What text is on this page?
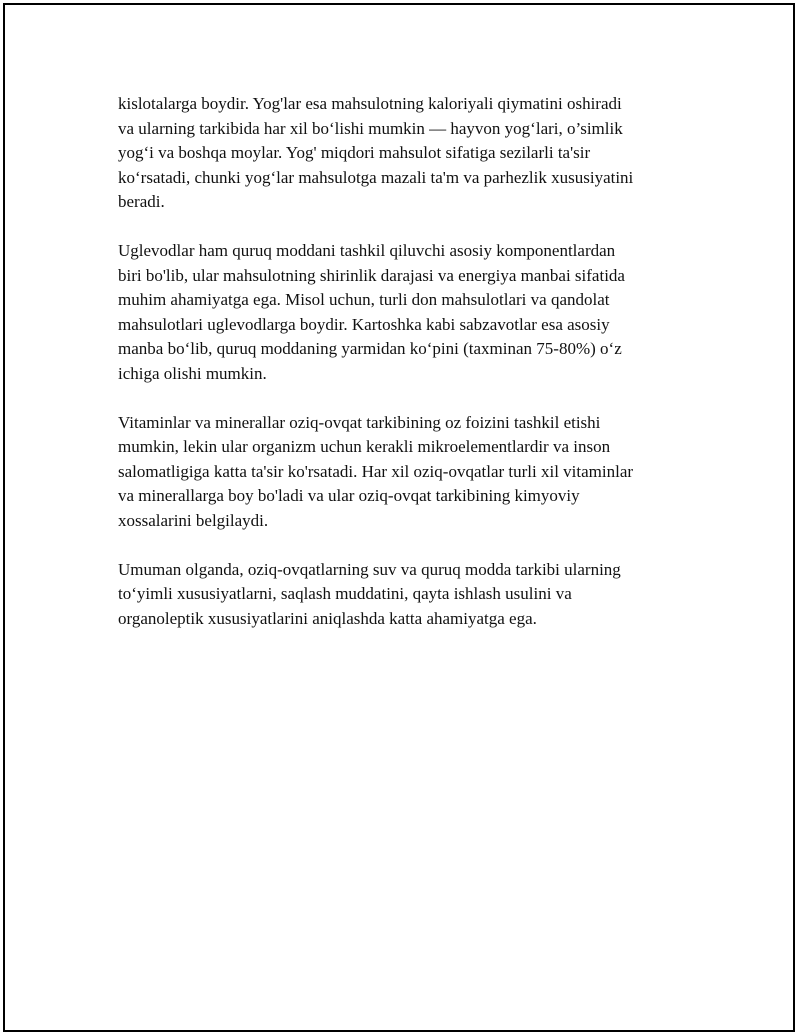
kislotalarga boydir. Yog'lar esa mahsulotning kaloriyali qiymatini oshiradi
va ularning tarkibida har xil bo‘lishi mumkin — hayvon yog‘lari, o’simlik
yog‘i va boshqa moylar. Yog' miqdori mahsulot sifatiga sezilarli ta'sir
ko‘rsatadi, chunki yog‘lar mahsulotga mazali ta'm va parhezlik xususiyatini
beradi.

Uglevodlar ham quruq moddani tashkil qiluvchi asosiy komponentlardan
biri bo'lib, ular mahsulotning shirinlik darajasi va energiya manbai sifatida
muhim ahamiyatga ega. Misol uchun, turli don mahsulotlari va qandolat
mahsulotlari uglevodlarga boydir. Kartoshka kabi sabzavotlar esa asosiy
manba bo‘lib, quruq moddaning yarmidan ko‘pini (taxminan 75-80%) o‘z
ichiga olishi mumkin.

Vitaminlar va minerallar oziq-ovqat tarkibining oz foizini tashkil etishi
mumkin, lekin ular organizm uchun kerakli mikroelementlardir va inson
salomatligiga katta ta'sir ko'rsatadi. Har xil oziq-ovqatlar turli xil vitaminlar
va minerallarga boy bo'ladi va ular oziq-ovqat tarkibining kimyoviy
xossalarini belgilaydi.

Umuman olganda, oziq-ovqatlarning suv va quruq modda tarkibi ularning
to‘yimli xususiyatlarni, saqlash muddatini, qayta ishlash usulini va
organoleptik xususiyatlarini aniqlashda katta ahamiyatga ega.
